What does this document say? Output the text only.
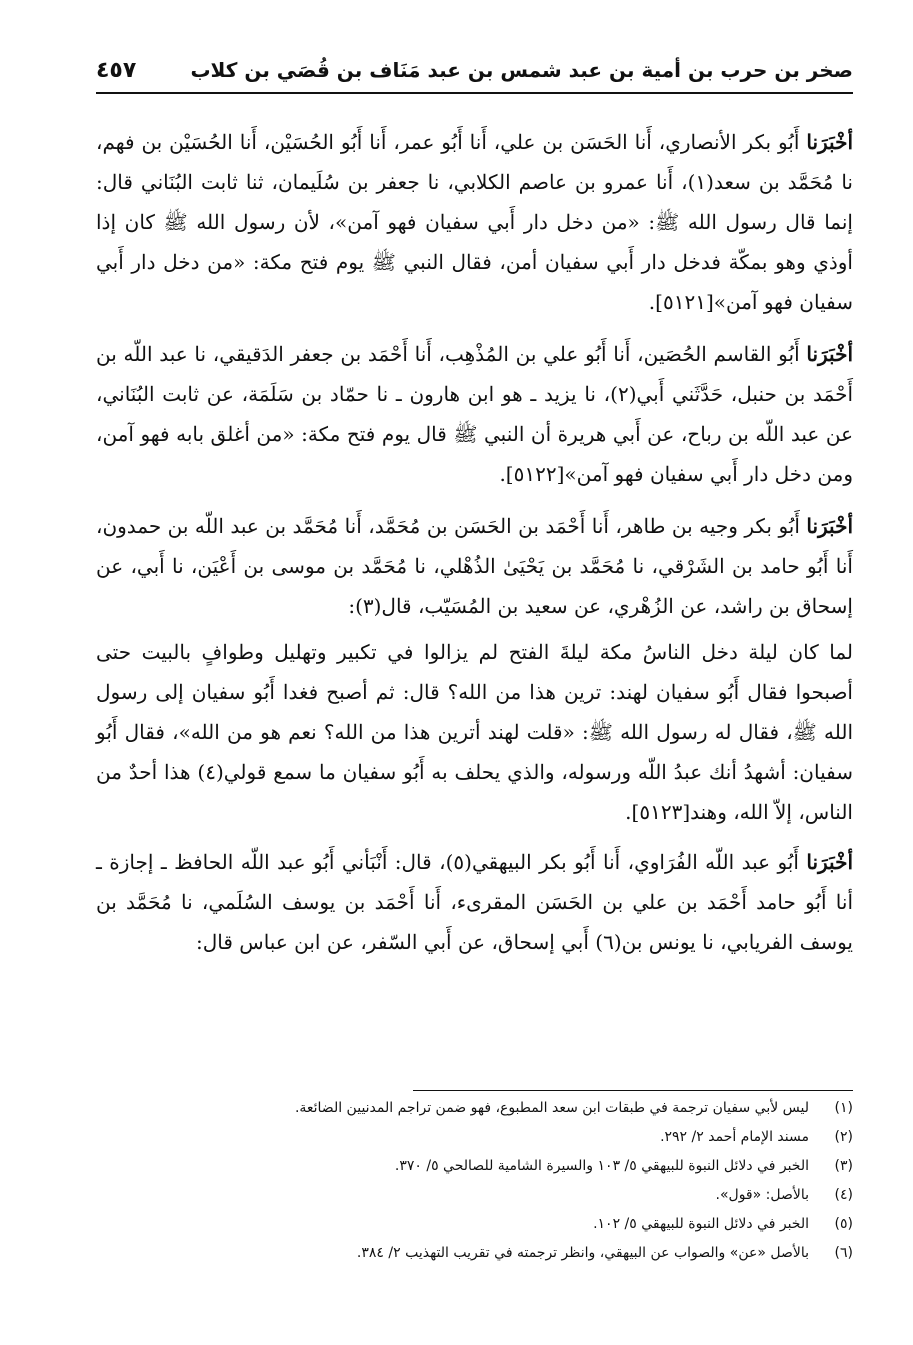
صخر بن حرب بن أمية بن عبد شمس بن عبد مَنَاف بن قُصَي بن كلاب
٤٥٧

أخْبَرَنا أَبُو بكر الأنصاري، أَنا الحَسَن بن علي، أَنا أَبُو عمر، أَنا أَبُو الحُسَيْن، أَنا الحُسَيْن بن فهم، نا مُحَمَّد بن سعد(١)، أَنا عمرو بن عاصم الكلابي، نا جعفر بن سُلَيمان، ثنا ثابت البُنَاني قال: إنما قال رسول الله ﷺ: «من دخل دار أَبي سفيان فهو آمن»، لأن رسول الله ﷺ كان إذا أوذي وهو بمكّة فدخل دار أَبي سفيان أمن، فقال النبي ﷺ يوم فتح مكة: «من دخل دار أَبي سفيان فهو آمن»[٥١٢١].

أخْبَرَنا أَبُو القاسم الحُصَين، أَنا أَبُو علي بن المُذْهِب، أَنا أَحْمَد بن جعفر الدَقيقي، نا عبد اللّه بن أَحْمَد بن حنبل، حَدَّثَني أَبي(٢)، نا يزيد ـ هو ابن هارون ـ نا حمّاد بن سَلَمَة، عن ثابت البُنَاني، عن عبد اللّه بن رباح، عن أَبي هريرة أن النبي ﷺ قال يوم فتح مكة: «من أغلق بابه فهو آمن، ومن دخل دار أَبي سفيان فهو آمن»[٥١٢٢].

أخْبَرَنا أَبُو بكر وجيه بن طاهر، أَنا أَحْمَد بن الحَسَن بن مُحَمَّد، أَنا مُحَمَّد بن عبد اللّه بن حمدون، أَنا أَبُو حامد بن الشَرْقي، نا مُحَمَّد بن يَحْيَىٰ الذُهْلي، نا مُحَمَّد بن موسى بن أَعْيَن، نا أَبي، عن إسحاق بن راشد، عن الزُهْري، عن سعيد بن المُسَيّب، قال(٣):

لما كان ليلة دخل الناسُ مكة ليلةَ الفتح لم يزالوا في تكبير وتهليل وطوافٍ بالبيت حتى أصبحوا فقال أَبُو سفيان لهند: ترين هذا من الله؟ قال: ثم أصبح فغدا أَبُو سفيان إلى رسول الله ﷺ، فقال له رسول الله ﷺ: «قلت لهند أترين هذا من الله؟ نعم هو من الله»، فقال أَبُو سفيان: أشهدُ أنك عبدُ اللّه ورسوله، والذي يحلف به أَبُو سفيان ما سمع قولي(٤) هذا أحدٌ من الناس، إلاّ الله، وهند[٥١٢٣].

أخْبَرَنا أَبُو عبد اللّه الفُرَاوي، أَنا أَبُو بكر البيهقي(٥)، قال: أَنْبَأني أَبُو عبد اللّه الحافظ ـ إجازة ـ أنا أَبُو حامد أَحْمَد بن علي بن الحَسَن المقرىء، أَنا أَحْمَد بن يوسف السُلَمي، نا مُحَمَّد بن يوسف الفريابي، نا يونس بن(٦) أَبي إسحاق، عن أَبي السّفر، عن ابن عباس قال:

(١)ليس لأبي سفيان ترجمة في طبقات ابن سعد المطبوع، فهو ضمن تراجم المدنيين الضائعة.
(٢)مسند الإمام أحمد ٢/ ٢٩٢.
(٣)الخبر في دلائل النبوة للبيهقي ٥/ ١٠٣ والسيرة الشامية للصالحي ٥/ ٣٧٠.
(٤)بالأصل: «قول».
(٥)الخبر في دلائل النبوة للبيهقي ٥/ ١٠٢.
(٦)بالأصل «عن» والصواب عن البيهقي، وانظر ترجمته في تقريب التهذيب ٢/ ٣٨٤.
